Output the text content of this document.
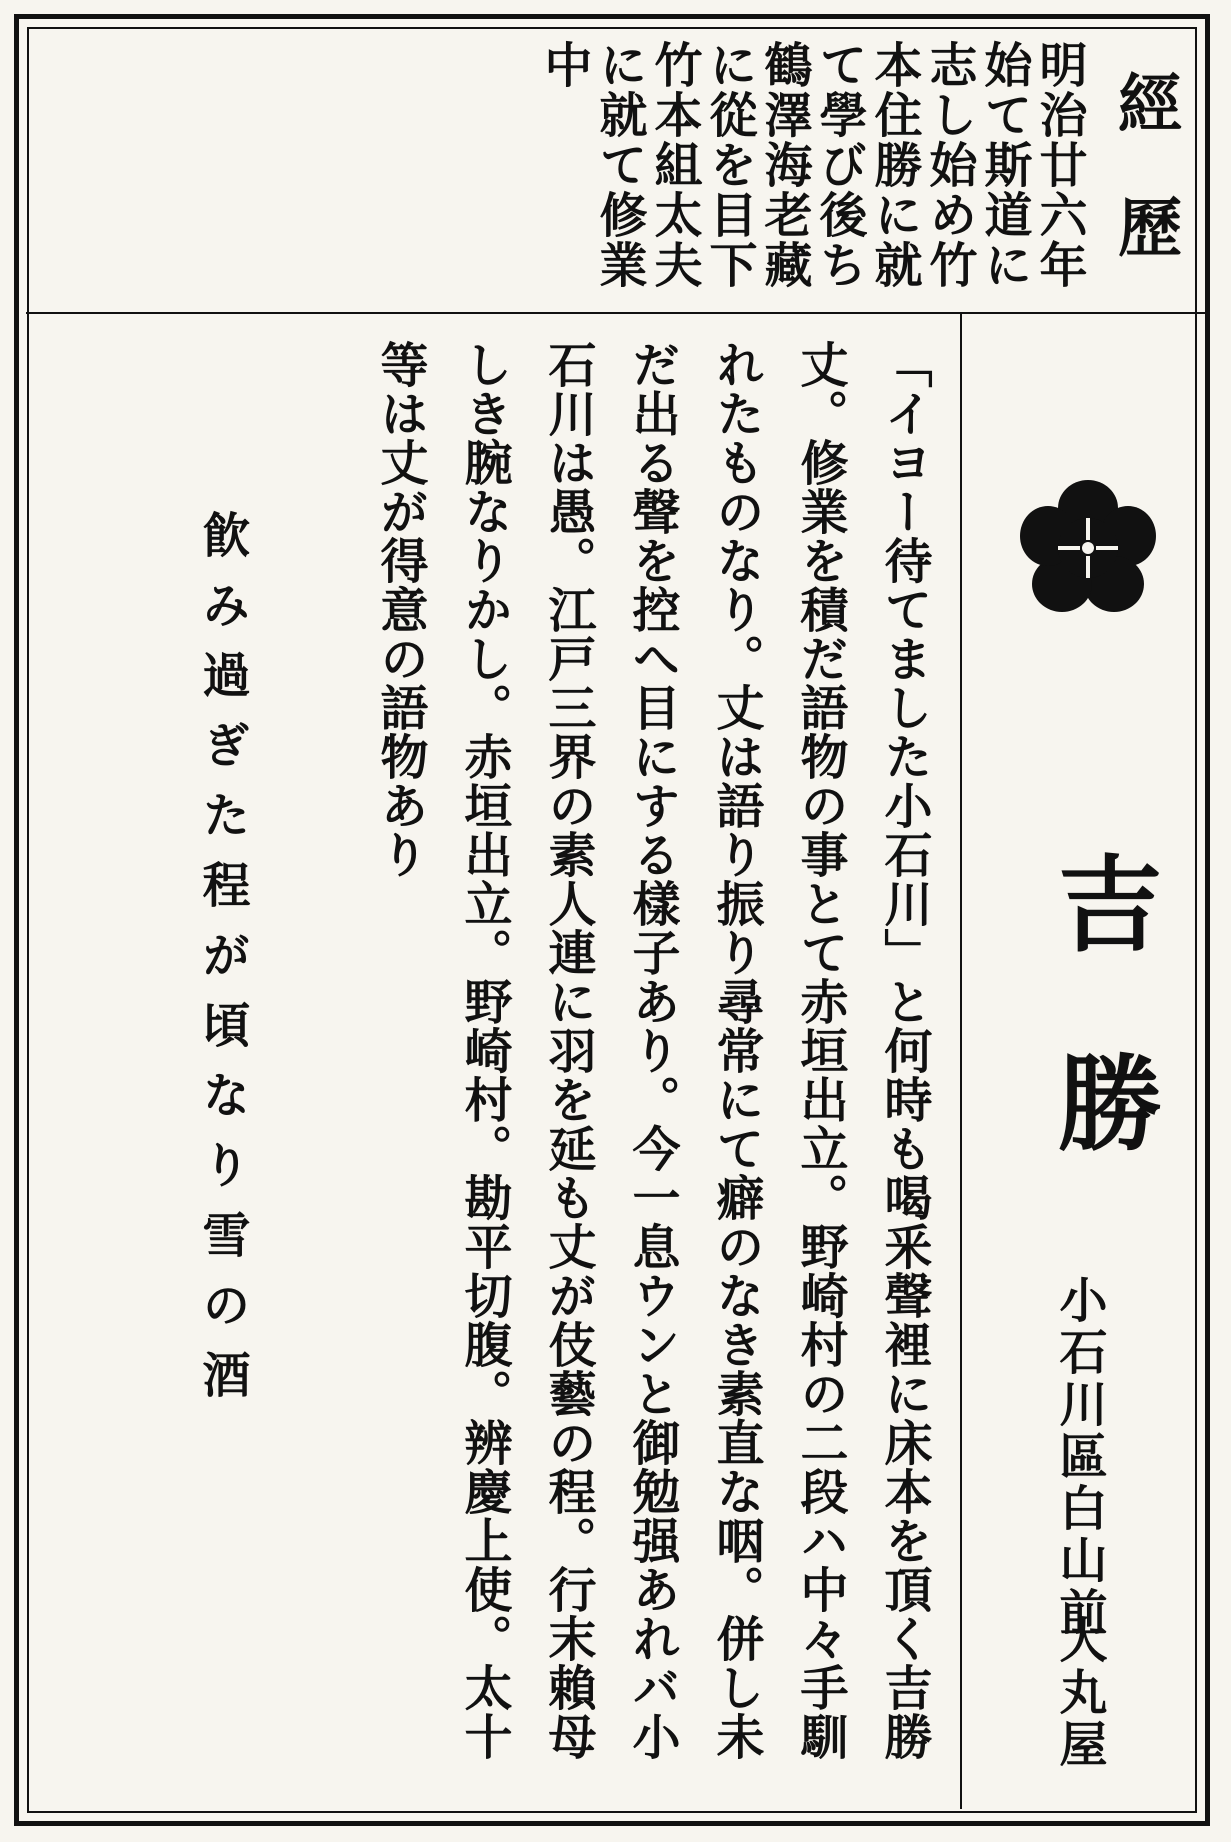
經歷
明治廿六年始て斯道に志し始め竹本住勝に就て學び後ち鶴澤海老藏に從を目下竹本組太夫に就て修業中
吉勝
小石川區白山前
大丸屋
「イヨー待てました小石川」と何時も喝釆聲裡に床本を頂く吉勝丈。修業を積だ語物の事とて赤垣出立。野崎村の二段ハ中々手馴れたものなり。丈は語り振り尋常にて癖のなき素直な咽。併し未だ出る聲を控へ目にする樣子あり。今一息ウンと御勉强あれバ小石川は愚。江戸三界の素人連に羽を延も丈が伎藝の程。行末賴母しき腕なりかし。赤垣出立。野崎村。勘平切腹。辨慶上使。太十等は丈が得意の語物あり
飮み過ぎた程が頃なり雪の酒
